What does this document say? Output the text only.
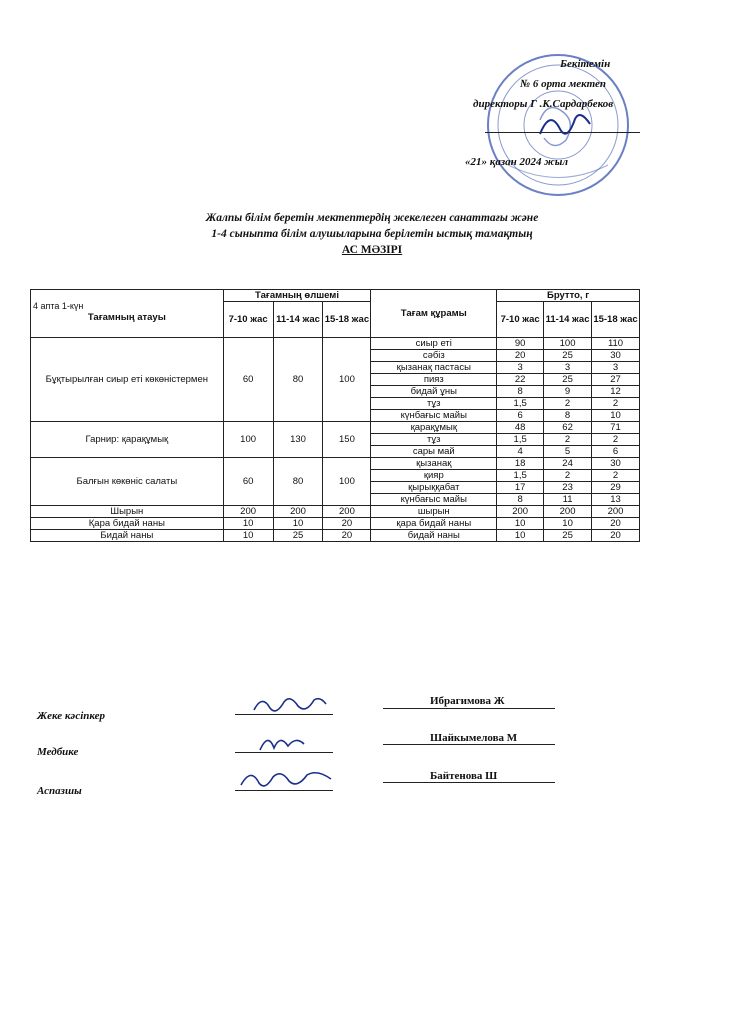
Бекітемін
№ 6 орта мектеп
директоры Г .К.Сардарбеков
«21» қазан 2024 жыл
Жалпы білім беретін мектептердің жекелеген санаттағы және
1-4 сыныпта білім алушыларына берілетін ыстық тамақтың
АС МӘЗІРІ
4 апта 1-күн
Тағамның атауы	Тағамның өлшемі			Тағам құрамы	Брутто, г		
	7-10 жас	11-14 жас	15-18 жас		7-10 жас	11-14 жас	15-18 жас
Бұқтырылған сиыр еті көкөністермен	60	80	100	сиыр еті	90	100	110
				сәбіз	20	25	30
				қызанақ пастасы	3	3	3
				пияз	22	25	27
				бидай ұны	8	9	12
				тұз	1,5	2	2
				күнбағыс майы	6	8	10
Гарнир: қарақұмық	100	130	150	қарақұмық	48	62	71
				тұз	1,5	2	2
				сары май	4	5	6
Балғын көкөніс салаты	60	80	100	қызанақ	18	24	30
				қияр	1,5	2	2
				қырыққабат	17	23	29
				күнбағыс майы	8	11	13
Шырын	200	200	200	шырын	200	200	200
Қара бидай наны	10	10	20	қара бидай наны	10	10	20
Бидай наны	10	25	20	бидай наны	10	25	20
Жеке кәсіпкер
Ибрагимова Ж
Медбике
Шайкымелова М
Аспазшы
Байтенова Ш
